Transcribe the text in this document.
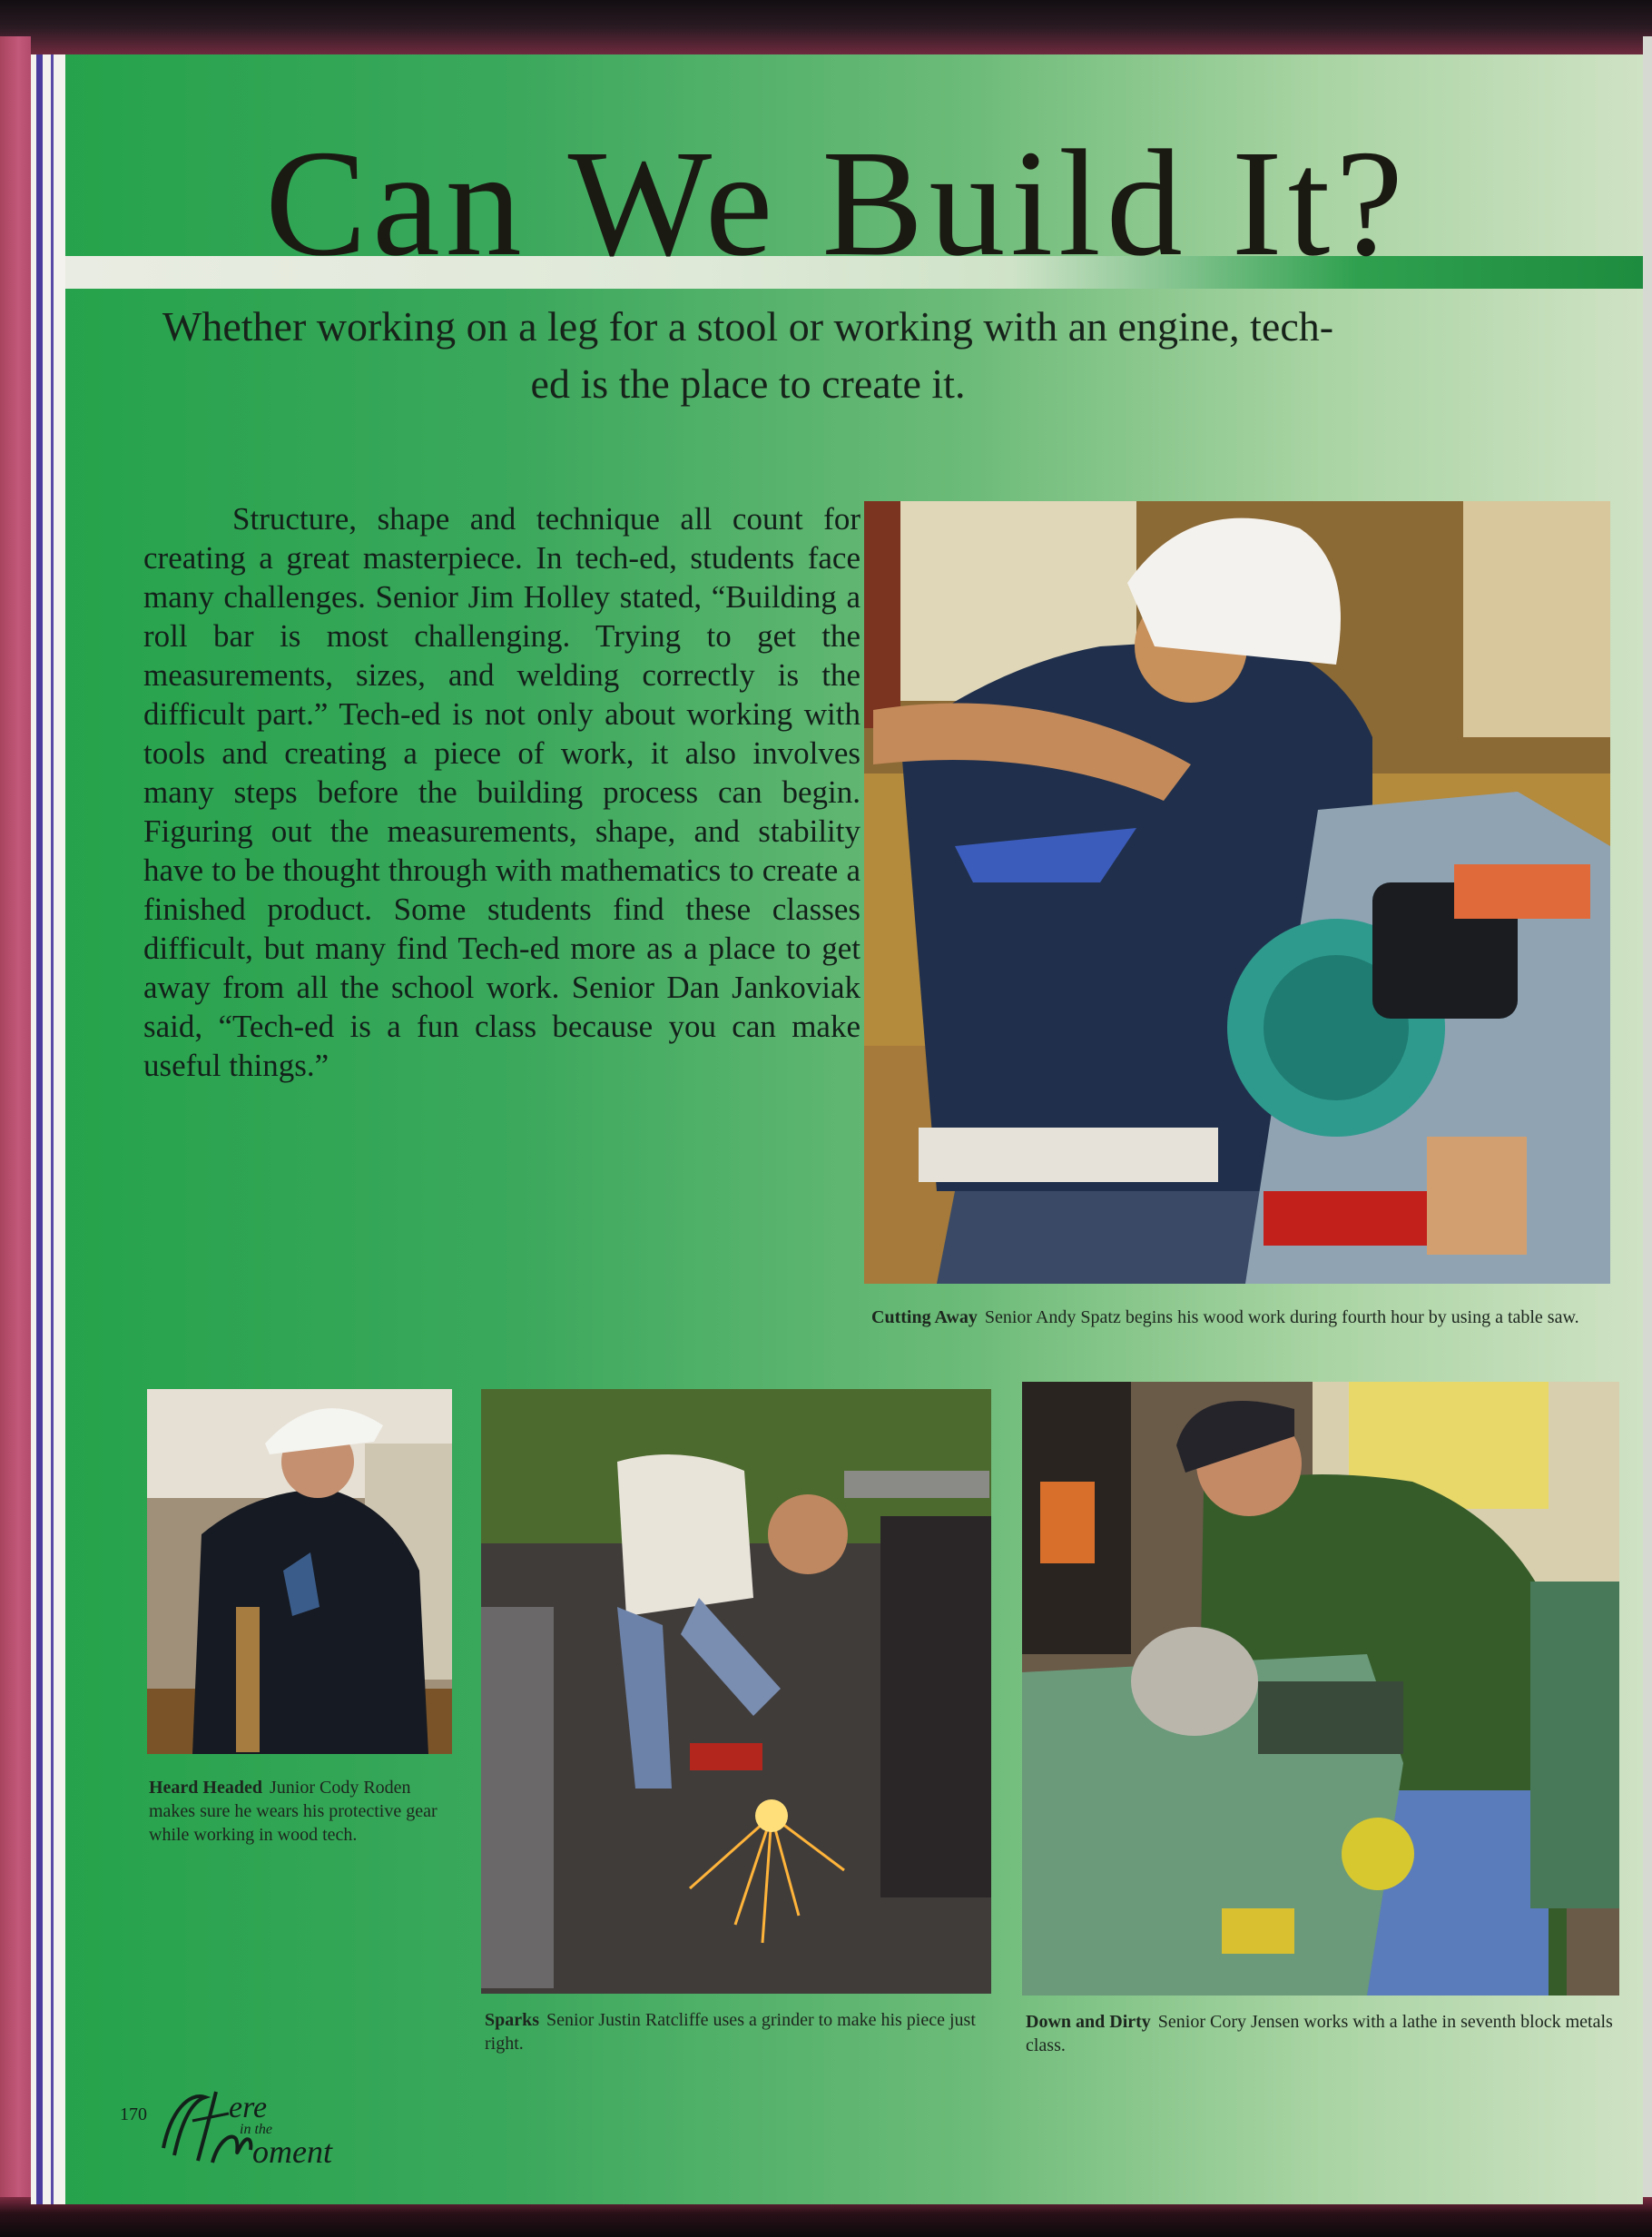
Can We Build It?
Whether working on a leg for a stool or working with an engine, tech-ed is the place to create it.
Structure, shape and technique all count for creating a great masterpiece. In tech-ed, students face many challenges. Senior Jim Holley stated, “Building a roll bar is most challenging. Trying to get the measurements, sizes, and welding correctly is the difficult part.” Tech-ed is not only about working with tools and creating a piece of work, it also involves many steps before the building process can begin. Figuring out the measurements, shape, and stability have to be thought through with mathematics to create a finished product. Some students find these classes difficult, but many find Tech-ed more as a place to get away from all the school work. Senior Dan Jankoviak said, “Tech-ed is a fun class because you can make useful things.”
Cutting Away Senior Andy Spatz begins his wood work during fourth hour by using a table saw.
Heard Headed Junior Cody Roden makes sure he wears his protective gear while working in wood tech.
Sparks Senior Justin Ratcliffe uses a grinder to make his piece just right.
Down and Dirty Senior Cory Jensen works with a lathe in seventh block metals class.
170	ere
in the
oment
